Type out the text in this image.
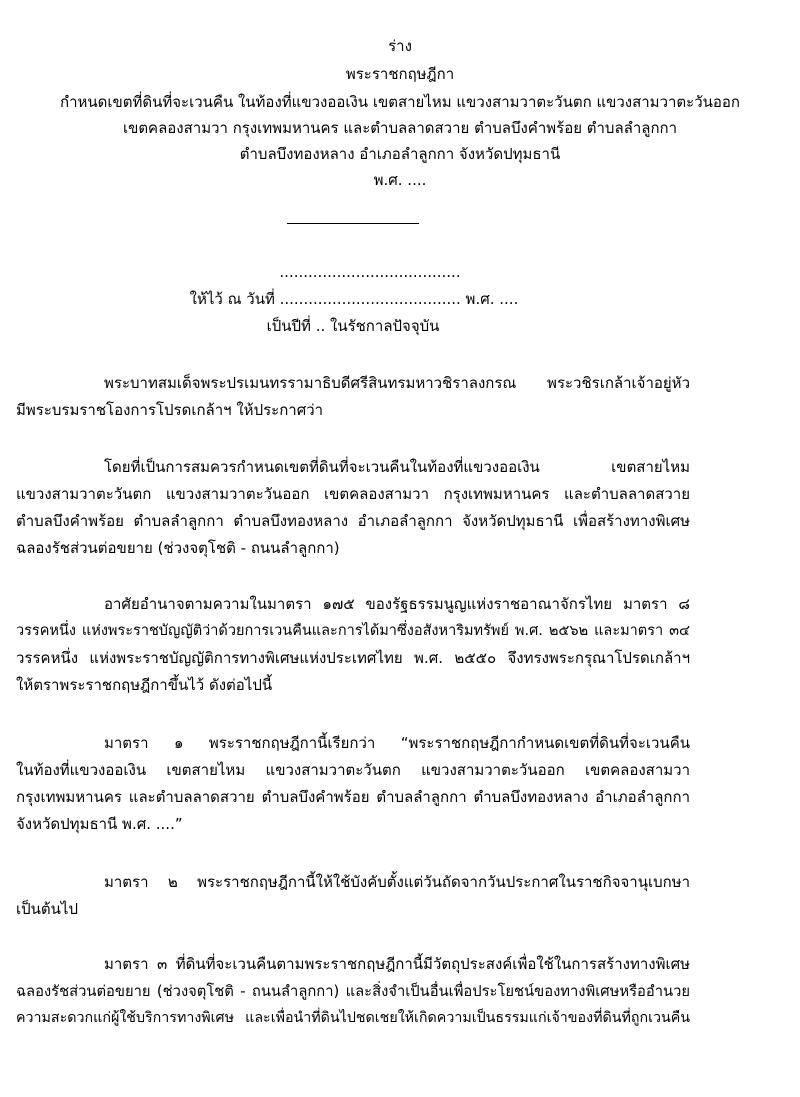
ร่าง
พระราชกฤษฎีกา
กำหนดเขตที่ดินที่จะเวนคืน ในท้องที่แขวงออเงิน เขตสายไหม แขวงสามวาตะวันตก แขวงสามวาตะวันออก
เขตคลองสามวา กรุงเทพมหานคร และตำบลลาดสวาย ตำบลบึงคำพร้อย ตำบลลำลูกกา
ตำบลบึงทองหลาง อำเภอลำลูกกา จังหวัดปทุมธานี
พ.ศ. ....
......................................
ให้ไว้ ณ วันที่ ...................................... พ.ศ. ....
เป็นปีที่ .. ในรัชกาลปัจจุบัน
พระบาทสมเด็จพระปรเมนทรรามาธิบดีศรีสินทรมหาวชิราลงกรณ พระวชิรเกล้าเจ้าอยู่หัว
มีพระบรมราชโองการโปรดเกล้าฯ ให้ประกาศว่า
โดยที่เป็นการสมควรกำหนดเขตที่ดินที่จะเวนคืนในท้องที่แขวงออเงิน เขตสายไหม
แขวงสามวาตะวันตก แขวงสามวาตะวันออก เขตคลองสามวา กรุงเทพมหานคร และตำบลลาดสวาย
ตำบลบึงคำพร้อย ตำบลลำลูกกา ตำบลบึงทองหลาง อำเภอลำลูกกา จังหวัดปทุมธานี เพื่อสร้างทางพิเศษ
ฉลองรัชส่วนต่อขยาย (ช่วงจตุโชติ - ถนนลำลูกกา)
อาศัยอำนาจตามความในมาตรา ๑๗๕ ของรัฐธรรมนูญแห่งราชอาณาจักรไทย มาตรา ๘
วรรคหนึ่ง แห่งพระราชบัญญัติว่าด้วยการเวนคืนและการได้มาซึ่งอสังหาริมทรัพย์ พ.ศ. ๒๕๖๒ และมาตรา ๓๔
วรรคหนึ่ง แห่งพระราชบัญญัติการทางพิเศษแห่งประเทศไทย พ.ศ. ๒๕๕๐ จึงทรงพระกรุณาโปรดเกล้าฯ
ให้ตราพระราชกฤษฎีกาขึ้นไว้ ดังต่อไปนี้
มาตรา ๑ พระราชกฤษฎีกานี้เรียกว่า “พระราชกฤษฎีกากำหนดเขตที่ดินที่จะเวนคืน
ในท้องที่แขวงออเงิน เขตสายไหม แขวงสามวาตะวันตก แขวงสามวาตะวันออก เขตคลองสามวา
กรุงเทพมหานคร และตำบลลาดสวาย ตำบลบึงคำพร้อย ตำบลลำลูกกา ตำบลบึงทองหลาง อำเภอลำลูกกา
จังหวัดปทุมธานี พ.ศ. ....”
มาตรา ๒ พระราชกฤษฎีกานี้ให้ใช้บังคับตั้งแต่วันถัดจากวันประกาศในราชกิจจานุเบกษา
เป็นต้นไป
มาตรา ๓ ที่ดินที่จะเวนคืนตามพระราชกฤษฎีกานี้มีวัตถุประสงค์เพื่อใช้ในการสร้างทางพิเศษ
ฉลองรัชส่วนต่อขยาย (ช่วงจตุโชติ - ถนนลำลูกกา) และสิ่งจำเป็นอื่นเพื่อประโยชน์ของทางพิเศษหรืออำนวย
ความสะดวกแก่ผู้ใช้บริการทางพิเศษ และเพื่อนำที่ดินไปชดเชยให้เกิดความเป็นธรรมแก่เจ้าของที่ดินที่ถูกเวนคืน
